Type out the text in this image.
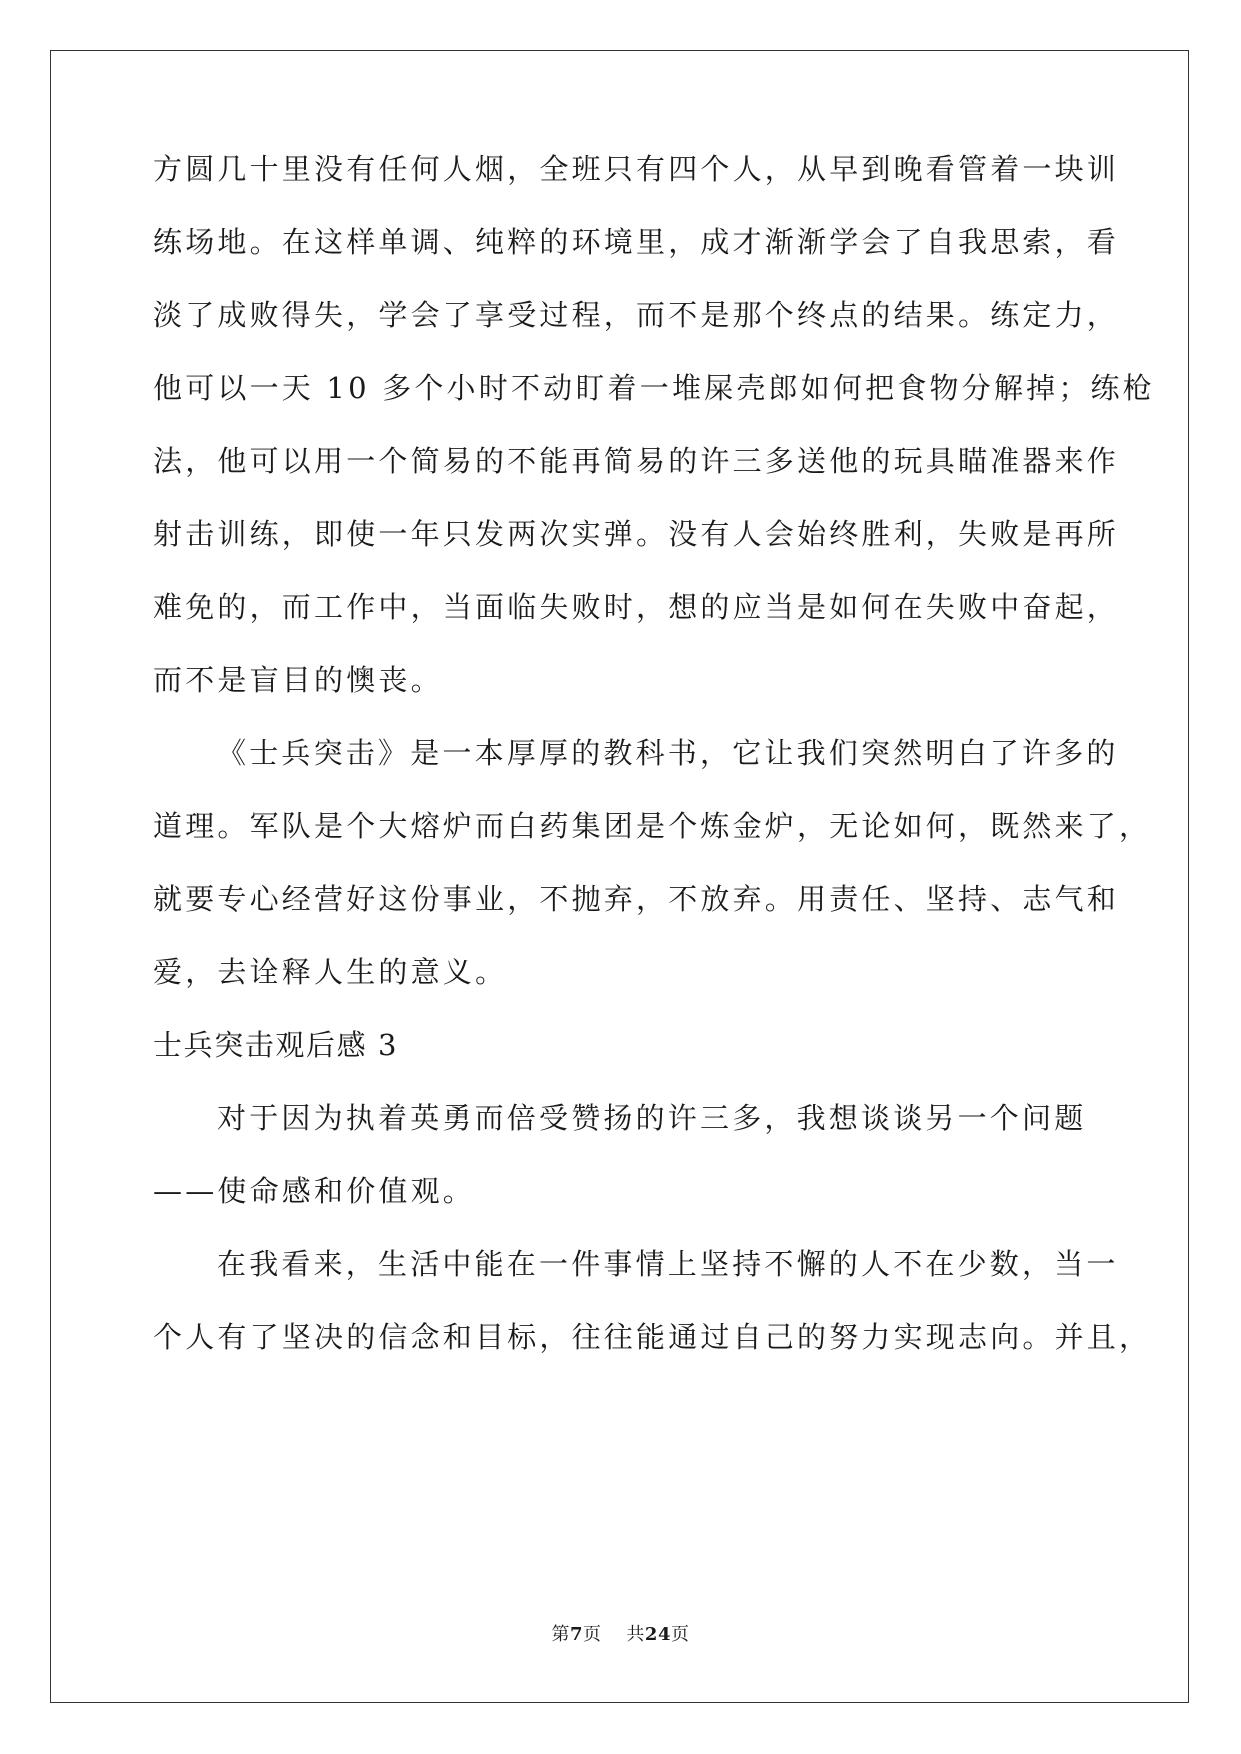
方圆几十里没有任何人烟，全班只有四个人，从早到晚看管着一块训
练场地。在这样单调、纯粹的环境里，成才渐渐学会了自我思索，看
淡了成败得失，学会了享受过程，而不是那个终点的结果。练定力，
他可以一天 10 多个小时不动盯着一堆屎壳郎如何把食物分解掉；练枪
法，他可以用一个简易的不能再简易的许三多送他的玩具瞄准器来作
射击训练，即使一年只发两次实弹。没有人会始终胜利，失败是再所
难免的，而工作中，当面临失败时，想的应当是如何在失败中奋起，
而不是盲目的懊丧。
《士兵突击》是一本厚厚的教科书，它让我们突然明白了许多的
道理。军队是个大熔炉而白药集团是个炼金炉，无论如何，既然来了，
就要专心经营好这份事业，不抛弃，不放弃。用责任、坚持、志气和
爱，去诠释人生的意义。
士兵突击观后感 3
对于因为执着英勇而倍受赞扬的许三多，我想谈谈另一个问题
——使命感和价值观。
在我看来，生活中能在一件事情上坚持不懈的人不在少数，当一
个人有了坚决的信念和目标，往往能通过自己的努力实现志向。并且，
第7页 共24页
